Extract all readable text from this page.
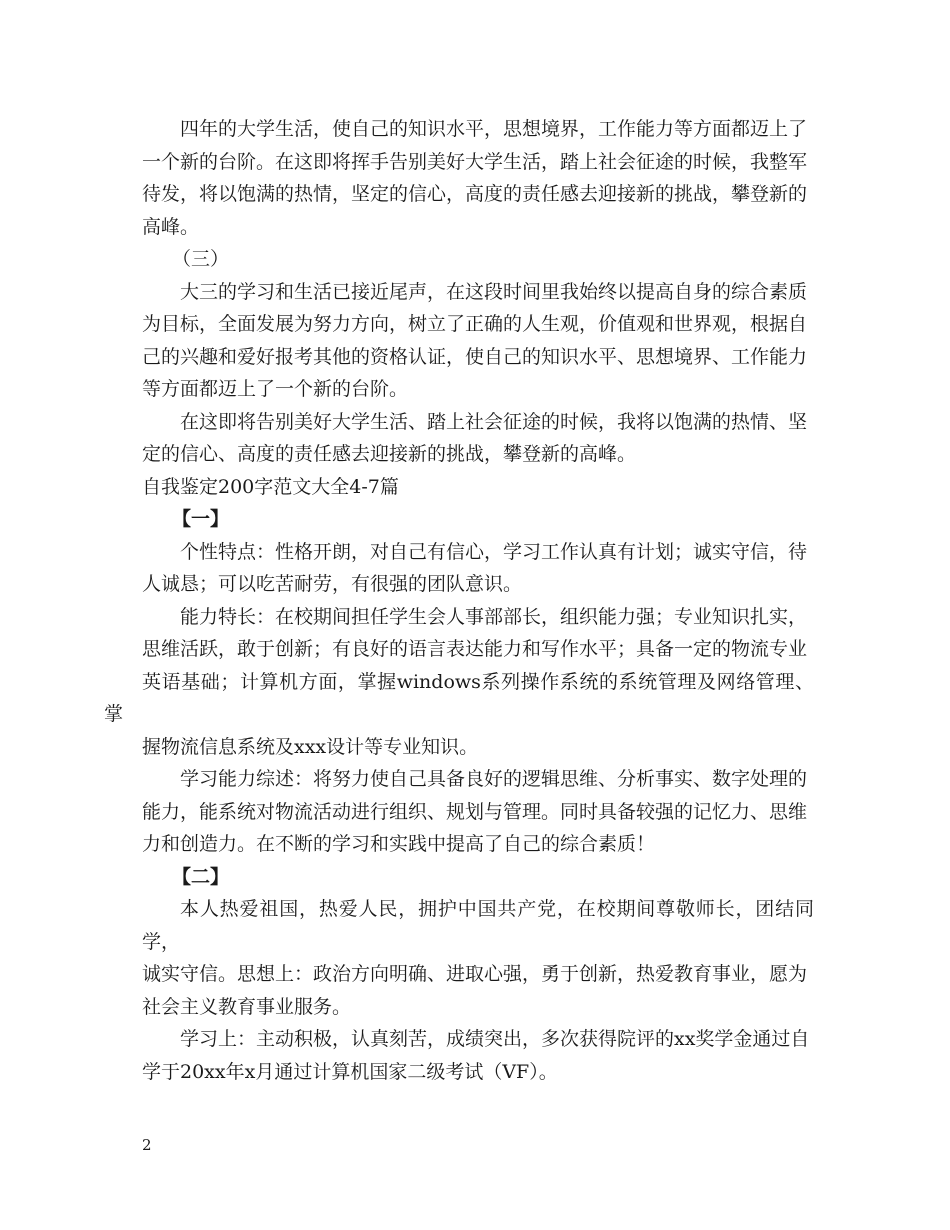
四年的大学生活，使自己的知识水平，思想境界，工作能力等方面都迈上了
一个新的台阶。在这即将挥手告别美好大学生活，踏上社会征途的时候，我整军
待发，将以饱满的热情，坚定的信心，高度的责任感去迎接新的挑战，攀登新的
高峰。

（三）

大三的学习和生活已接近尾声，在这段时间里我始终以提高自身的综合素质
为目标，全面发展为努力方向，树立了正确的人生观，价值观和世界观，根据自
己的兴趣和爱好报考其他的资格认证，使自己的知识水平、思想境界、工作能力
等方面都迈上了一个新的台阶。

在这即将告别美好大学生活、踏上社会征途的时候，我将以饱满的热情、坚
定的信心、高度的责任感去迎接新的挑战，攀登新的高峰。

自我鉴定200字范文大全4-7篇

【一】

个性特点：性格开朗，对自己有信心，学习工作认真有计划；诚实守信，待
人诚恳；可以吃苦耐劳，有很强的团队意识。

能力特长：在校期间担任学生会人事部部长，组织能力强；专业知识扎实，
思维活跃，敢于创新；有良好的语言表达能力和写作水平；具备一定的物流专业
英语基础；计算机方面，掌握windows系列操作系统的系统管理及网络管理、掌
握物流信息系统及xxx设计等专业知识。

学习能力综述：将努力使自己具备良好的逻辑思维、分析事实、数字处理的
能力，能系统对物流活动进行组织、规划与管理。同时具备较强的记忆力、思维
力和创造力。在不断的学习和实践中提高了自己的综合素质！

【二】

本人热爱祖国，热爱人民，拥护中国共产党，在校期间尊敬师长，团结同学，
诚实守信。思想上：政治方向明确、进取心强，勇于创新，热爱教育事业，愿为
社会主义教育事业服务。

学习上：主动积极，认真刻苦，成绩突出，多次获得院评的xx奖学金通过自
学于20xx年x月通过计算机国家二级考试（VF）。

2
